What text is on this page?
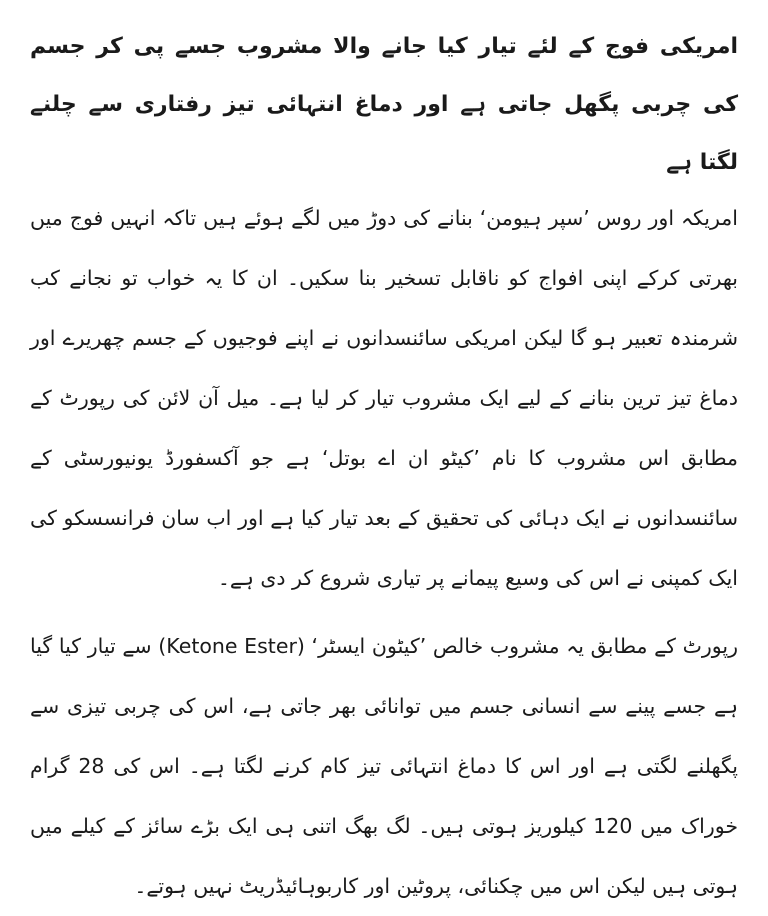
امریکی فوج کے لئے تیار کیا جانے والا مشروب جسے پی کر جسم کی چربی پگھل جاتی ہے اور دماغ انتہائی تیز رفتاری سے چلنے لگتا ہے

امریکہ اور روس ’سپر ہیومن‘ بنانے کی دوڑ میں لگے ہوئے ہیں تاکہ انہیں فوج میں بھرتی کرکے اپنی افواج کو ناقابل تسخیر بنا سکیں۔ ان کا یہ خواب تو نجانے کب شرمندہ تعبیر ہو گا لیکن امریکی سائنسدانوں نے اپنے فوجیوں کے جسم چھریرے اور دماغ تیز ترین بنانے کے لیے ایک مشروب تیار کر لیا ہے۔ میل آن لائن کی رپورٹ کے مطابق اس مشروب کا نام ’کیٹو ان اے بوتل‘ ہے جو آکسفورڈ یونیورسٹی کے سائنسدانوں نے ایک دہائی کی تحقیق کے بعد تیار کیا ہے اور اب سان فرانسسکو کی ایک کمپنی نے اس کی وسیع پیمانے پر تیاری شروع کر دی ہے۔

رپورٹ کے مطابق یہ مشروب خالص ’کیٹون ایسٹر‘ (Ketone Ester) سے تیار کیا گیا ہے جسے پینے سے انسانی جسم میں توانائی بھر جاتی ہے، اس کی چربی تیزی سے پگھلنے لگتی ہے اور اس کا دماغ انتہائی تیز کام کرنے لگتا ہے۔ اس کی 28 گرام خوراک میں 120 کیلوریز ہوتی ہیں۔ لگ بھگ اتنی ہی ایک بڑے سائز کے کیلے میں ہوتی ہیں لیکن اس میں چکنائی، پروٹین اور کاربوہائیڈریٹ نہیں ہوتے۔
